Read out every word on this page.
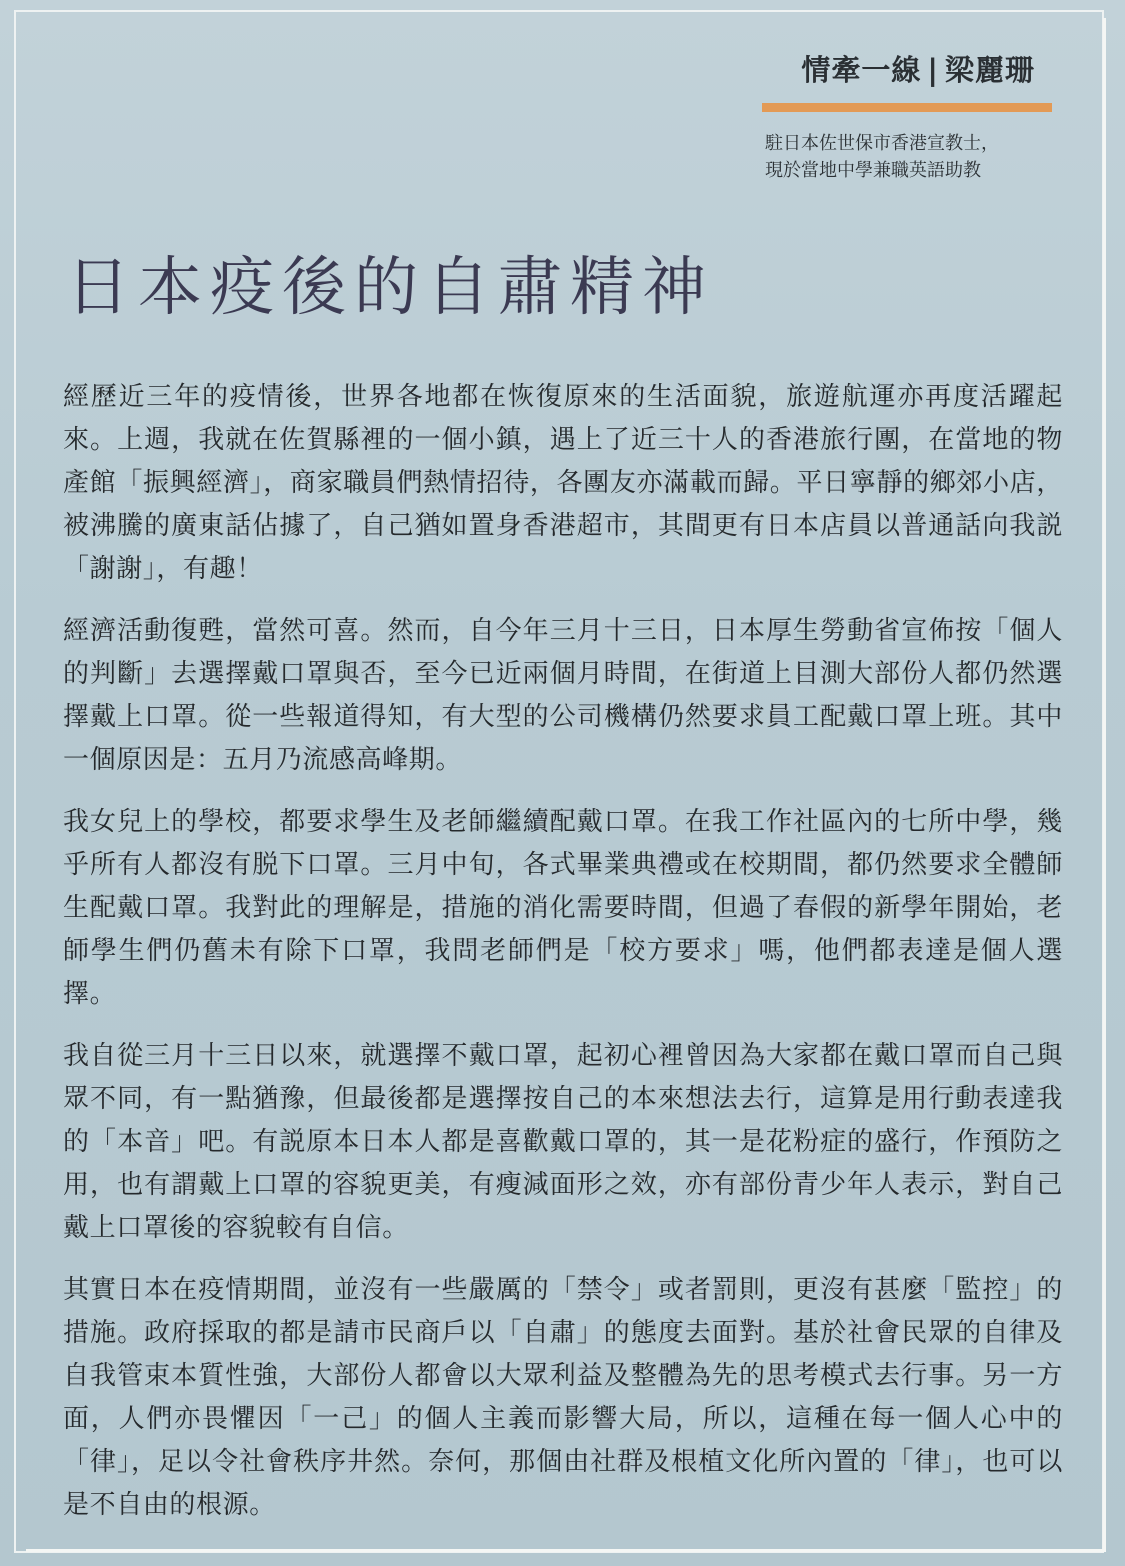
情牽一線 | 梁麗珊
駐日本佐世保市香港宣教士，
現於當地中學兼職英語助教
日本疫後的自肅精神

經歷近三年的疫情後，世界各地都在恢復原來的生活面貌，旅遊航運亦再度活躍起來。上週，我就在佐賀縣裡的一個小鎮，遇上了近三十人的香港旅行團，在當地的物產館「振興經濟」，商家職員們熱情招待，各團友亦滿載而歸。平日寧靜的鄉郊小店，被沸騰的廣東話佔據了，自己猶如置身香港超市，其間更有日本店員以普通話向我説「謝謝」，有趣！

經濟活動復甦，當然可喜。然而，自今年三月十三日，日本厚生勞動省宣佈按「個人的判斷」去選擇戴口罩與否，至今已近兩個月時間，在街道上目測大部份人都仍然選擇戴上口罩。從一些報道得知，有大型的公司機構仍然要求員工配戴口罩上班。其中一個原因是：五月乃流感高峰期。

我女兒上的學校，都要求學生及老師繼續配戴口罩。在我工作社區內的七所中學，幾乎所有人都沒有脱下口罩。三月中旬，各式畢業典禮或在校期間，都仍然要求全體師生配戴口罩。我對此的理解是，措施的消化需要時間，但過了春假的新學年開始，老師學生們仍舊未有除下口罩，我問老師們是「校方要求」嗎，他們都表達是個人選擇。

我自從三月十三日以來，就選擇不戴口罩，起初心裡曾因為大家都在戴口罩而自己與眾不同，有一點猶豫，但最後都是選擇按自己的本來想法去行，這算是用行動表達我的「本音」吧。有説原本日本人都是喜歡戴口罩的，其一是花粉症的盛行，作預防之用，也有謂戴上口罩的容貌更美，有瘦減面形之效，亦有部份青少年人表示，對自己戴上口罩後的容貌較有自信。

其實日本在疫情期間，並沒有一些嚴厲的「禁令」或者罰則，更沒有甚麼「監控」的措施。政府採取的都是請市民商戶以「自肅」的態度去面對。基於社會民眾的自律及自我管束本質性強，大部份人都會以大眾利益及整體為先的思考模式去行事。另一方面，人們亦畏懼因「一己」的個人主義而影響大局，所以，這種在每一個人心中的「律」，足以令社會秩序井然。奈何，那個由社群及根植文化所內置的「律」，也可以是不自由的根源。
